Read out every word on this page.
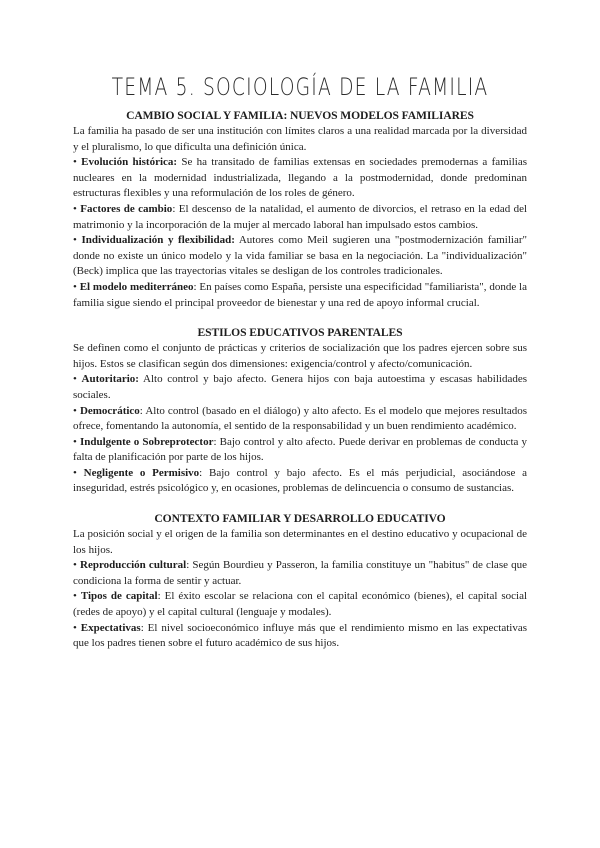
TEMA 5. SOCIOLOGÍA DE LA FAMILIA
CAMBIO SOCIAL Y FAMILIA: NUEVOS MODELOS FAMILIARES

La familia ha pasado de ser una institución con límites claros a una realidad marcada por la diversidad y el pluralismo, lo que dificulta una definición única.

• Evolución histórica: Se ha transitado de familias extensas en sociedades premodernas a familias nucleares en la modernidad industrializada, llegando a la postmodernidad, donde predominan estructuras flexibles y una reformulación de los roles de género.

• Factores de cambio: El descenso de la natalidad, el aumento de divorcios, el retraso en la edad del matrimonio y la incorporación de la mujer al mercado laboral han impulsado estos cambios.

• Individualización y flexibilidad: Autores como Meil sugieren una "postmodernización familiar" donde no existe un único modelo y la vida familiar se basa en la negociación. La "individualización" (Beck) implica que las trayectorias vitales se desligan de los controles tradicionales.

• El modelo mediterráneo: En países como España, persiste una especificidad "familiarista", donde la familia sigue siendo el principal proveedor de bienestar y una red de apoyo informal crucial.

ESTILOS EDUCATIVOS PARENTALES

Se definen como el conjunto de prácticas y criterios de socialización que los padres ejercen sobre sus hijos. Estos se clasifican según dos dimensiones: exigencia/control y afecto/comunicación.

• Autoritario: Alto control y bajo afecto. Genera hijos con baja autoestima y escasas habilidades sociales.

• Democrático: Alto control (basado en el diálogo) y alto afecto. Es el modelo que mejores resultados ofrece, fomentando la autonomía, el sentido de la responsabilidad y un buen rendimiento académico.

• Indulgente o Sobreprotector: Bajo control y alto afecto. Puede derivar en problemas de conducta y falta de planificación por parte de los hijos.

• Negligente o Permisivo: Bajo control y bajo afecto. Es el más perjudicial, asociándose a inseguridad, estrés psicológico y, en ocasiones, problemas de delincuencia o consumo de sustancias.

CONTEXTO FAMILIAR Y DESARROLLO EDUCATIVO

La posición social y el origen de la familia son determinantes en el destino educativo y ocupacional de los hijos.

• Reproducción cultural: Según Bourdieu y Passeron, la familia constituye un "habitus" de clase que condiciona la forma de sentir y actuar.

• Tipos de capital: El éxito escolar se relaciona con el capital económico (bienes), el capital social (redes de apoyo) y el capital cultural (lenguaje y modales).

• Expectativas: El nivel socioeconómico influye más que el rendimiento mismo en las expectativas que los padres tienen sobre el futuro académico de sus hijos.
